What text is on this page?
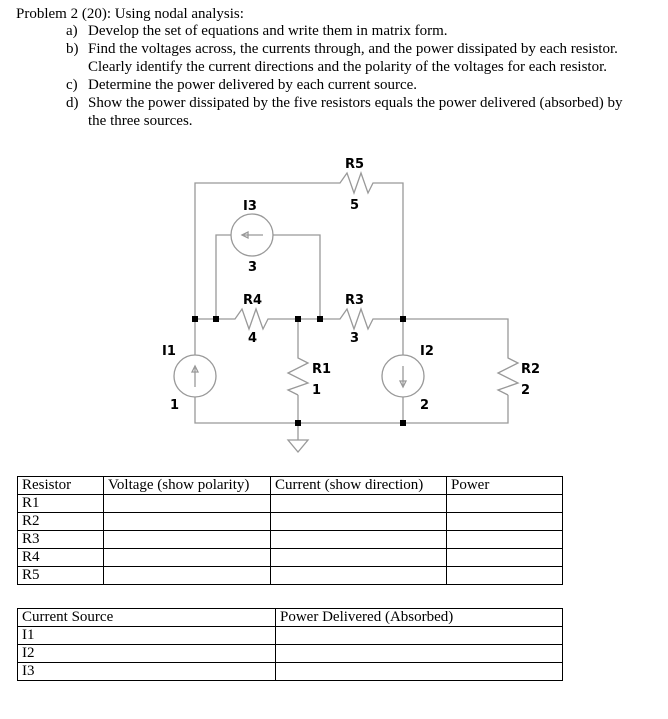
Problem 2 (20): Using nodal analysis:
a) Develop the set of equations and write them in matrix form.
b) Find the voltages across, the currents through, and the power dissipated by each resistor.
Clearly identify the current directions and the polarity of the voltages for each resistor.
c) Determine the power delivered by each current source.
d) Show the power dissipated by the five resistors equals the power delivered (absorbed) by
the three sources.
R5
5
I3
3
R4
4
R3
3
I1
1
R1
1
I2
2
R2
2
Resistor	Voltage (show polarity)	Current (show direction)	Power
R1			
R2			
R3			
R4			
R5			
Current Source	Power Delivered (Absorbed)
I1	
I2	
I3	
